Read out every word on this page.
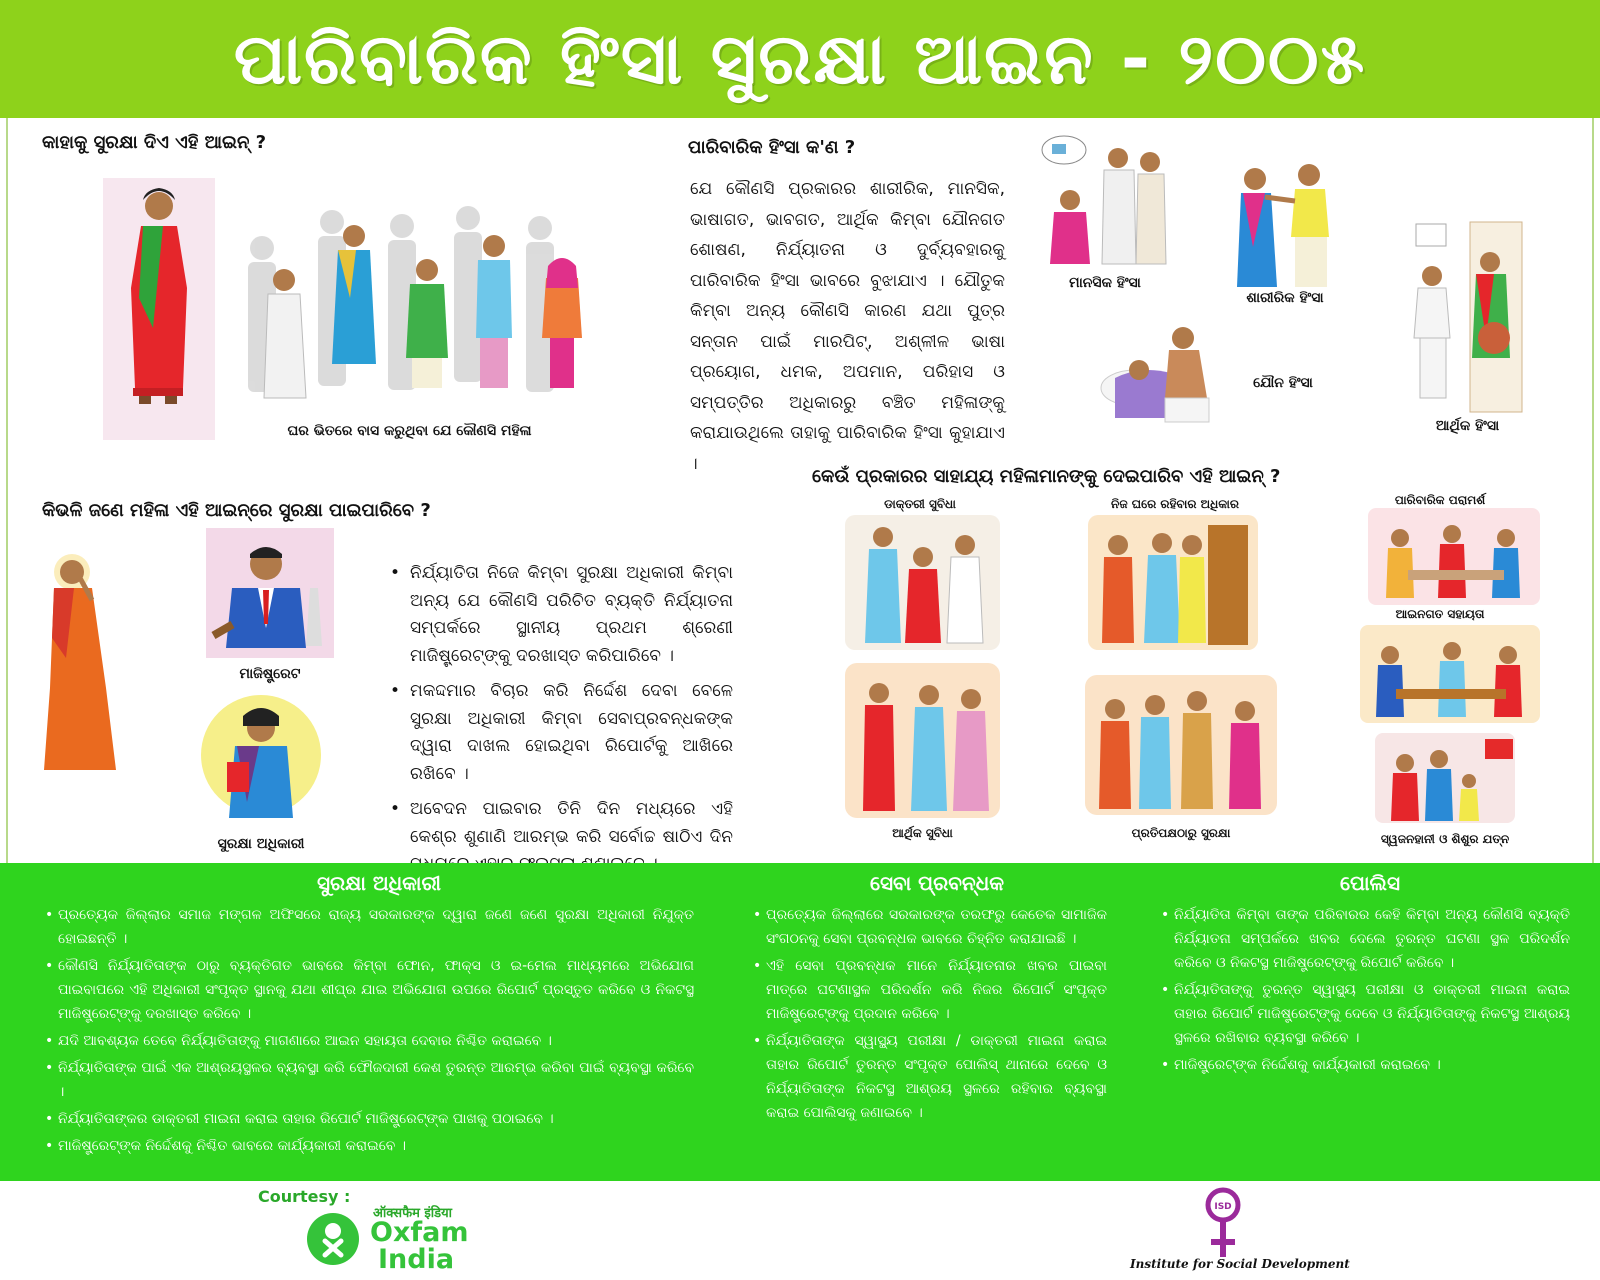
ପାରିବାରିକ ହିଂସା ସୁରକ୍ଷା ଆଇନ - ୨୦୦୫
କାହାକୁ ସୁରକ୍ଷା ଦିଏ ଏହି ଆଇନ୍ ?
ଘର ଭିତରେ ବାସ କରୁଥିବା ଯେ କୌଣସି ମହିଳା
ପାରିବାରିକ ହିଂସା କ'ଣ ?
ଯେ କୌଣସି ପ୍ରକାରର ଶାରୀରିକ, ମାନସିକ, ଭାଷାଗତ, ଭାବଗତ, ଆର୍ଥିକ କିମ୍ବା ଯୌନଗତ ଶୋଷଣ, ନିର୍ଯ୍ୟାତନା ଓ ଦୁର୍ବ୍ୟବହାରକୁ ପାରିବାରିକ ହିଂସା ଭାବରେ ବୁଝାଯାଏ । ଯୌତୁକ କିମ୍ବା ଅନ୍ୟ କୌଣସି କାରଣ ଯଥା ପୁତ୍ର ସନ୍ତାନ ପାଇଁ ମାରପିଟ୍, ଅଶ୍ଳୀଳ ଭାଷା ପ୍ରୟୋଗ, ଧମକ, ଅପମାନ, ପରିହାସ ଓ ସମ୍ପତ୍ତିର ଅଧିକାରରୁ ବଞ୍ଚିତ ମହିଳାଙ୍କୁ କରାଯାଉଥିଲେ ତାହାକୁ ପାରିବାରିକ ହିଂସା କୁହାଯାଏ ।
ମାନସିକ ହିଂସା
ଶାରୀରିକ ହିଂସା
ଯୌନ ହିଂସା
ଆର୍ଥିକ ହିଂସା
କିଭଳି ଜଣେ ମହିଳା ଏହି ଆଇନ୍‌ରେ ସୁରକ୍ଷା ପାଇପାରିବେ ?
ମାଜିଷ୍ଟ୍ରେଟ
ସୁରକ୍ଷା ଅଧିକାରୀ
• ନିର୍ଯ୍ୟାତିତା ନିଜେ କିମ୍ବା ସୁରକ୍ଷା ଅଧିକାରୀ କିମ୍ବା ଅନ୍ୟ ଯେ କୌଣସି ପରିଚିତ ବ୍ୟକ୍ତି ନିର୍ଯ୍ୟାତନା ସମ୍ପର୍କରେ ସ୍ଥାନୀୟ ପ୍ରଥମ ଶ୍ରେଣୀ ମାଜିଷ୍ଟ୍ରେଟ୍‌ଙ୍କୁ ଦରଖାସ୍ତ କରିପାରିବେ ।
• ମକଦ୍ଦମାର ବିଚାର କରି ନିର୍ଦ୍ଦେଶ ଦେବା ବେଳେ ସୁରକ୍ଷା ଅଧିକାରୀ କିମ୍ବା ସେବାପ୍ରବନ୍ଧକଙ୍କ ଦ୍ୱାରା ଦାଖଲ ହୋଇଥିବା ରିପୋର୍ଟକୁ ଆଖିରେ ରଖିବେ ।
• ଅବେଦନ ପାଇବାର ତିନି ଦିନ ମଧ୍ୟରେ ଏହି କେଶ୍‌ର ଶୁଣାଣି ଆରମ୍ଭ କରି ସର୍ବୋଚ୍ଚ ଷାଠିଏ ଦିନ
କେଉଁ ପ୍ରକାରର ସାହାଯ୍ୟ ମହିଳାମାନଙ୍କୁ ଦେଇପାରିବ ଏହି ଆଇନ୍ ?
ଡାକ୍ତରୀ ସୁବିଧା	ନିଜ ଘରେ ରହିବାର ଅଧିକାର	ପାରିବାରିକ ପରାମର୍ଶ
ଆଇନଗତ ସହାୟତା
ଆର୍ଥିକ ସୁବିଧା	ପ୍ରତିପକ୍ଷଠାରୁ ସୁରକ୍ଷା	ସ୍ୱଜନହାନୀ ଓ ଶିଶୁର ଯତ୍ନ
ସୁରକ୍ଷା ଅଧିକାରୀ
• ପ୍ରତ୍ୟେକ ଜିଲ୍ଲାର ସମାଜ ମଙ୍ଗଳ ଅଫିସରେ ରାଜ୍ୟ ସରକାରଙ୍କ ଦ୍ୱାରା ଜଣେ ଜଣେ ସୁରକ୍ଷା ଅଧିକାରୀ ନିଯୁକ୍ତ ହୋଇଛନ୍ତି ।
• କୌଣସି ନିର୍ଯ୍ୟାତିତାଙ୍କ ଠାରୁ ବ୍ୟକ୍ତିଗତ ଭାବରେ କିମ୍ବା ଫୋନ, ଫାକ୍ସ ଓ ଇ-ମେଲ ମାଧ୍ୟମରେ ଅଭିଯୋଗ ପାଇବାପରେ ଏହି ଅଧିକାରୀ ସଂପୃକ୍ତ ସ୍ଥାନକୁ ଯଥା ଶୀଘ୍ର ଯାଇ ଅଭିଯୋଗ ଉପରେ ରିପୋର୍ଟ ପ୍ରସ୍ତୁତ କରିବେ ଓ ନିକଟସ୍ଥ ମାଜିଷ୍ଟ୍ରେଟ୍‌ଙ୍କୁ ଦରଖାସ୍ତ କରିବେ ।
• ଯଦି ଆବଶ୍ୟକ ତେବେ ନିର୍ଯ୍ୟାତିତାଙ୍କୁ ମାଗଣାରେ ଆଇନ ସହାୟତା ଦେବାର ନିଶ୍ଚିତ କରାଇବେ ।
• ନିର୍ଯ୍ୟାତିତାଙ୍କ ପାଇଁ ଏକ ଆଶ୍ରୟସ୍ଥଳର ବ୍ୟବସ୍ଥା କରି ଫୌଜଦାରୀ କେଶ ତୁରନ୍ତ ଆରମ୍ଭ କରିବା ପାଇଁ ବ୍ୟବସ୍ଥା କରିବେ ।
• ନିର୍ଯ୍ୟାତିତାଙ୍କର ଡାକ୍ତରୀ ମାଇନା କରାଇ ତାହାର ରିପୋର୍ଟ ମାଜିଷ୍ଟ୍ରେଟ୍‌ଙ୍କ ପାଖକୁ ପଠାଇବେ ।
• ମାଜିଷ୍ଟ୍ରେଟ୍‌ଙ୍କ ନିର୍ଦ୍ଦେଶକୁ ନିଶ୍ଚିତ ଭାବରେ କାର୍ଯ୍ୟକାରୀ କରାଇବେ ।
ସେବା ପ୍ରବନ୍ଧକ
• ପ୍ରତ୍ୟେକ ଜିଲ୍ଲାରେ ସରକାରଙ୍କ ତରଫରୁ କେତେକ ସାମାଜିକ ସଂଗଠନକୁ ସେବା ପ୍ରବନ୍ଧକ ଭାବରେ ଚିହ୍ନିତ କରାଯାଇଛି ।
• ଏହି ସେବା ପ୍ରବନ୍ଧକ ମାନେ ନିର୍ଯ୍ୟାତନାର ଖବର ପାଇବା ମାତ୍ରେ ଘଟଣାସ୍ଥଳ ପରିଦର୍ଶନ କରି ନିଜର ରିପୋର୍ଟ ସଂପୃକ୍ତ ମାଜିଷ୍ଟ୍ରେଟ୍‌ଙ୍କୁ ପ୍ରଦାନ କରିବେ ।
• ନିର୍ଯ୍ୟାତିତାଙ୍କ ସ୍ୱାସ୍ଥ୍ୟ ପରୀକ୍ଷା / ଡାକ୍ତରୀ ମାଇନା କରାଇ ତାହାର ରିପୋର୍ଟ ତୁରନ୍ତ ସଂପୃକ୍ତ ପୋଲିସ୍ ଥାନାରେ ଦେବେ ଓ ନିର୍ଯ୍ୟାତିତାଙ୍କ ନିକଟସ୍ଥ ଆଶ୍ରୟ ସ୍ଥଳରେ ରହିବାର ବ୍ୟବସ୍ଥା କରାଇ ପୋଲିସକୁ ଜଣାଇବେ ।
ପୋଲିସ
• ନିର୍ଯ୍ୟାତିତା କିମ୍ବା ତାଙ୍କ ପରିବାରର କେହି କିମ୍ବା ଅନ୍ୟ କୌଣସି ବ୍ୟକ୍ତି ନିର୍ଯ୍ୟାତନା ସମ୍ପର୍କରେ ଖବର ଦେଲେ ତୁରନ୍ତ ଘଟଣା ସ୍ଥଳ ପରିଦର୍ଶନ କରିବେ ଓ ନିକଟସ୍ଥ ମାଜିଷ୍ଟ୍ରେଟ୍‌ଙ୍କୁ ରିପୋର୍ଟ କରିବେ ।
• ନିର୍ଯ୍ୟାତିତାଙ୍କୁ ତୁରନ୍ତ ସ୍ୱାସ୍ଥ୍ୟ ପରୀକ୍ଷା ଓ ଡାକ୍ତରୀ ମାଇନା କରାଇ ତାହାର ରିପୋର୍ଟ ମାଜିଷ୍ଟ୍ରେଟ୍‌ଙ୍କୁ ଦେବେ ଓ ନିର୍ଯ୍ୟାତିତାଙ୍କୁ ନିକଟସ୍ଥ ଆଶ୍ରୟ ସ୍ଥଳରେ ରଖିବାର ବ୍ୟବସ୍ଥା କରିବେ ।
• ମାଜିଷ୍ଟ୍ରେଟ୍‌ଙ୍କ ନିର୍ଦ୍ଦେଶକୁ କାର୍ଯ୍ୟକାରୀ କରାଇବେ ।
Courtesy :
ऑक्सफैम इंडिया
Oxfam
India
ISD
Institute for Social Development
